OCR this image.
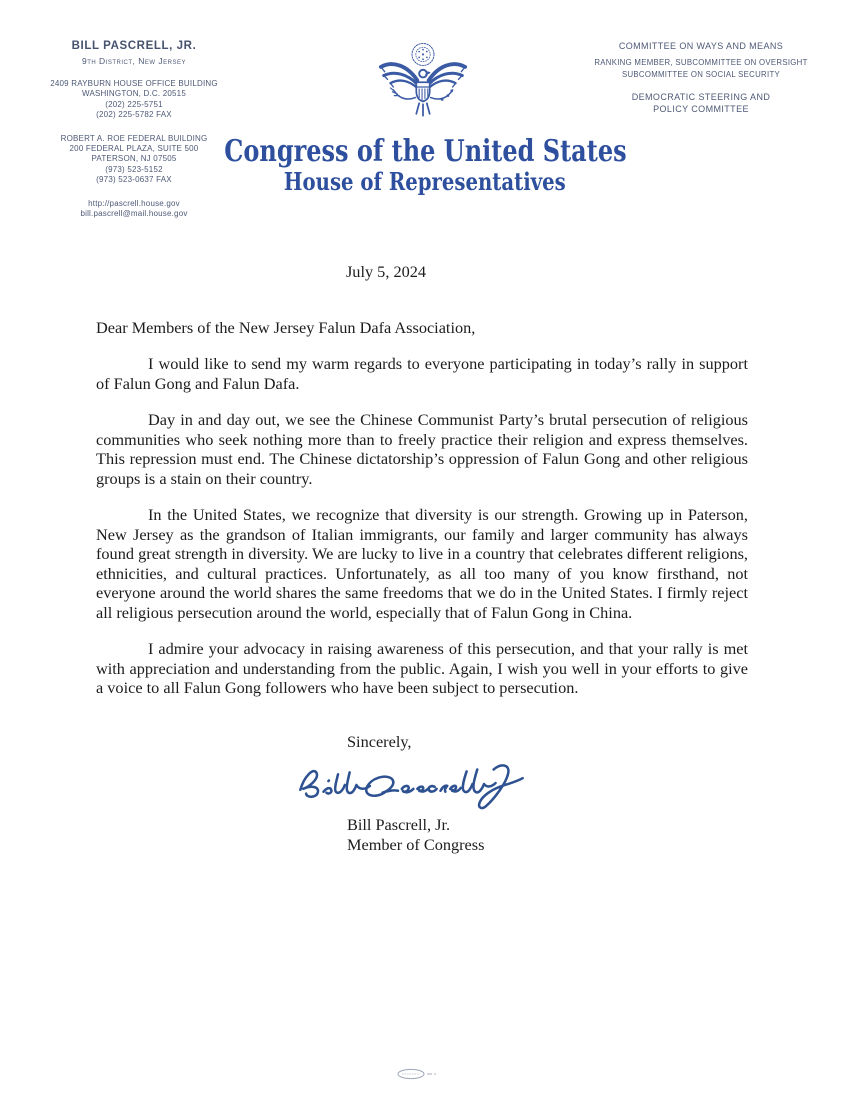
BILL PASCRELL, JR.
9th District, New Jersey
2409 RAYBURN HOUSE OFFICE BUILDING
WASHINGTON, D.C. 20515
(202) 225-5751
(202) 225-5782 FAX
ROBERT A. ROE FEDERAL BUILDING
200 FEDERAL PLAZA, SUITE 500
PATERSON, NJ 07505
(973) 523-5152
(973) 523-0637 FAX
http://pascrell.house.gov
bill.pascrell@mail.house.gov
COMMITTEE ON WAYS AND MEANS
RANKING MEMBER, SUBCOMMITTEE ON OVERSIGHT
SUBCOMMITTEE ON SOCIAL SECURITY
DEMOCRATIC STEERING AND
POLICY COMMITTEE
Congress of the United States
House of Representatives
July 5, 2024

Dear Members of the New Jersey Falun Dafa Association,

I would like to send my warm regards to everyone participating in today’s rally in support of Falun Gong and Falun Dafa.

Day in and day out, we see the Chinese Communist Party’s brutal persecution of religious communities who seek nothing more than to freely practice their religion and express themselves. This repression must end. The Chinese dictatorship’s oppression of Falun Gong and other religious groups is a stain on their country.

In the United States, we recognize that diversity is our strength. Growing up in Paterson, New Jersey as the grandson of Italian immigrants, our family and larger community has always found great strength in diversity. We are lucky to live in a country that celebrates different religions, ethnicities, and cultural practices. Unfortunately, as all too many of you know firsthand, not everyone around the world shares the same freedoms that we do in the United States. I firmly reject all religious persecution around the world, especially that of Falun Gong in China.

I admire your advocacy in raising awareness of this persecution, and that your rally is met with appreciation and understanding from the public. Again, I wish you well in your efforts to give a voice to all Falun Gong followers who have been subject to persecution.

Sincerely,
Bill Pascrell, Jr.
Member of Congress
